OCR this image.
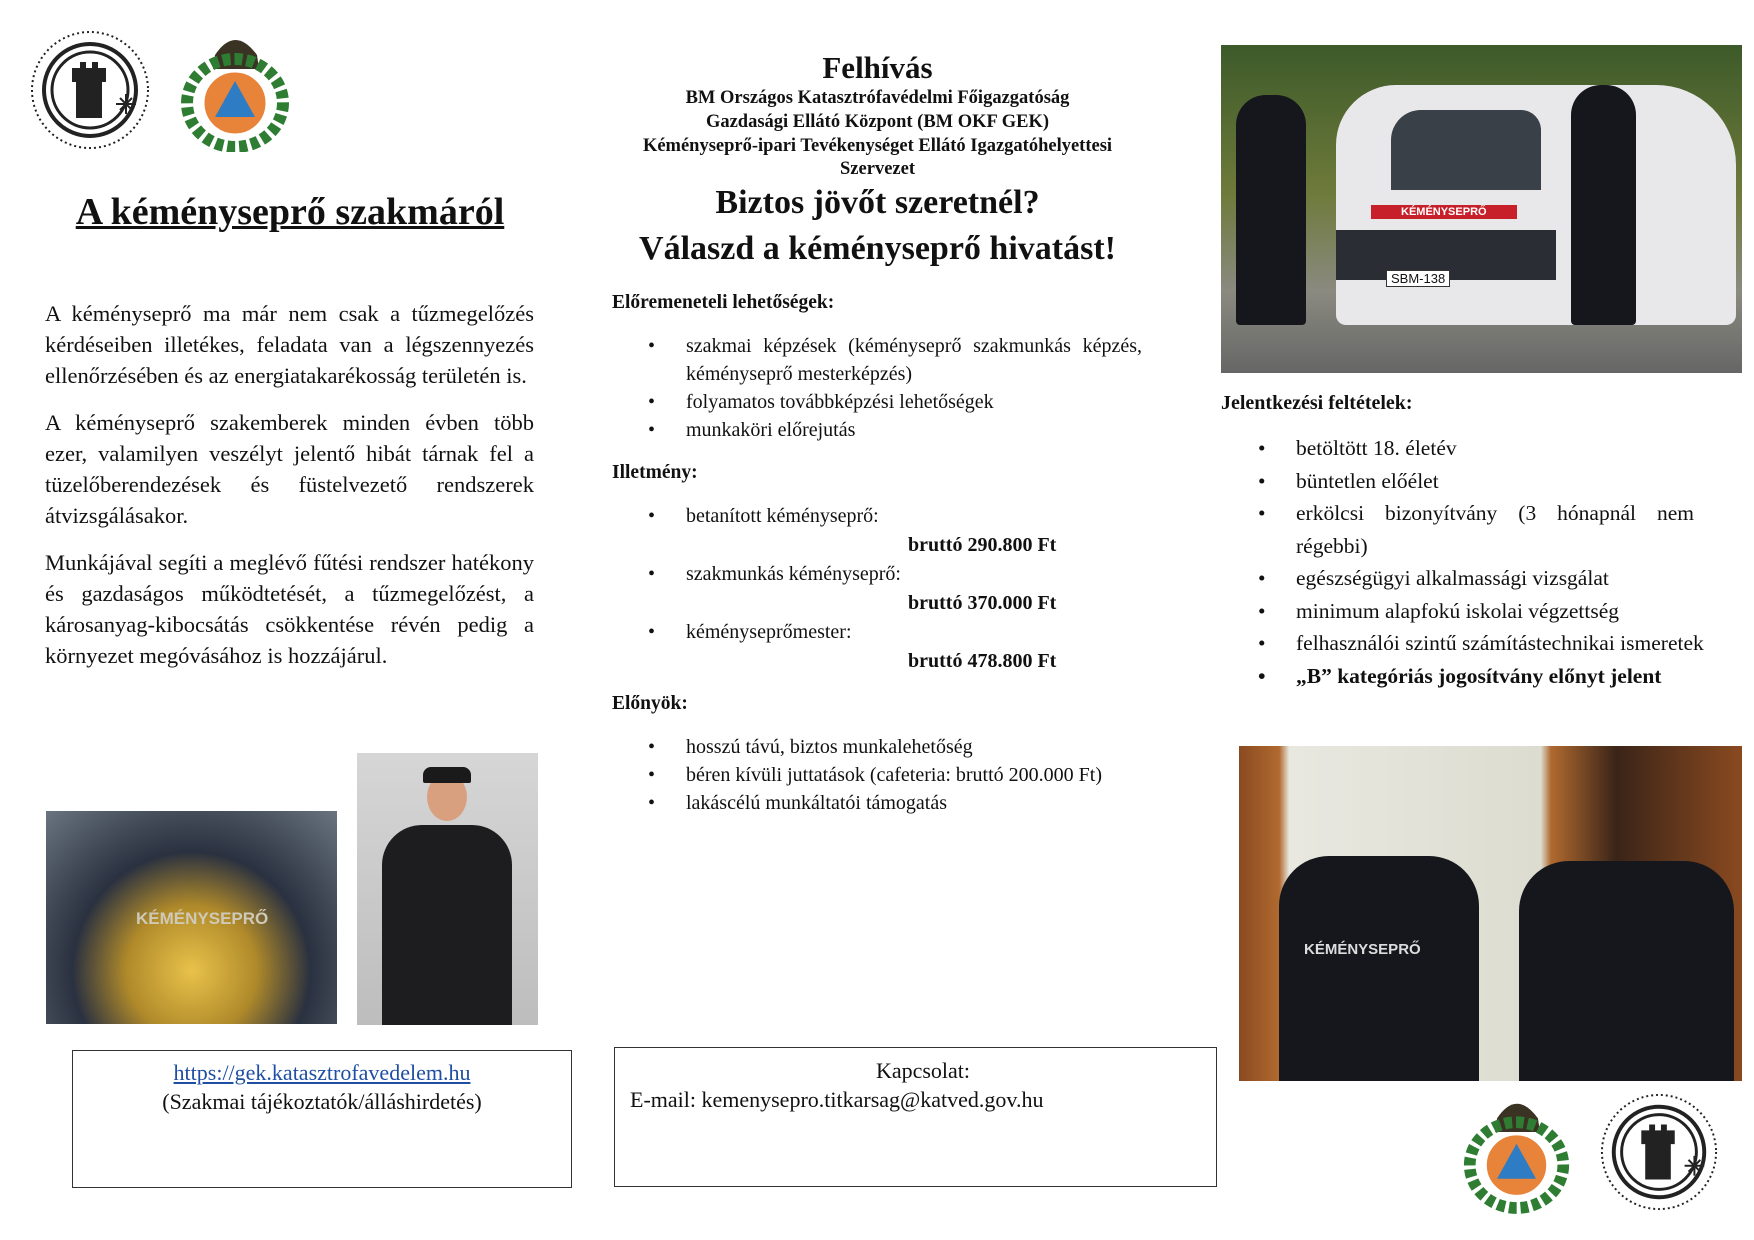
A kéményseprő szakmáról

A kéményseprő ma már nem csak a tűzmegelőzés kérdéseiben illetékes, feladata van a légszennyezés ellenőrzésében és az energiatakarékosság területén is.

A kéményseprő szakemberek minden évben több ezer, valamilyen veszélyt jelentő hibát tárnak fel a tüzelőberendezések és füstelvezető rendszerek átvizsgálásakor.

Munkájával segíti a meglévő fűtési rendszer hatékony és gazdaságos működtetését, a tűzmegelőzést, a károsanyag-kibocsátás csökkentése révén pedig a környezet megóvásához is hozzájárul.

KÉMÉNYSEPRŐ
https://gek.katasztrofavedelem.hu
(Szakmai tájékoztatók/álláshirdetés)
Felhívás
BM Országos Katasztrófavédelmi Főigazgatóság
Gazdasági Ellátó Központ (BM OKF GEK)
Kéményseprő-ipari Tevékenységet Ellátó Igazgatóhelyettesi
Szervezet
Biztos jövőt szeretnél?
Válaszd a kéményseprő hivatást!
Előremeneteli lehetőségek:
• szakmai képzések (kéményseprő szakmunkás képzés, kéményseprő mesterképzés)
• folyamatos továbbképzési lehetőségek
• munkaköri előrejutás
Illetmény:
• betanított kéményseprő:
bruttó 290.800 Ft
• szakmunkás kéményseprő:
bruttó 370.000 Ft
• kéményseprőmester:
bruttó 478.800 Ft
Előnyök:
• hosszú távú, biztos munkalehetőség
• béren kívüli juttatások (cafeteria: bruttó 200.000 Ft)
• lakáscélú munkáltatói támogatás
Kapcsolat:
E-mail: kemenysepro.titkarsag@katved.gov.hu
KÉMÉNYSEPRŐ
SBM-138
Jelentkezési feltételek:
• betöltött 18. életév
• büntetlen előélet
• erkölcsi bizonyítvány (3 hónapnál nem régebbi)
• egészségügyi alkalmassági vizsgálat
• minimum alapfokú iskolai végzettség
• felhasználói szintű számítástechnikai ismeretek
• „B” kategóriás jogosítvány előnyt jelent
KÉMÉNYSEPRŐ
